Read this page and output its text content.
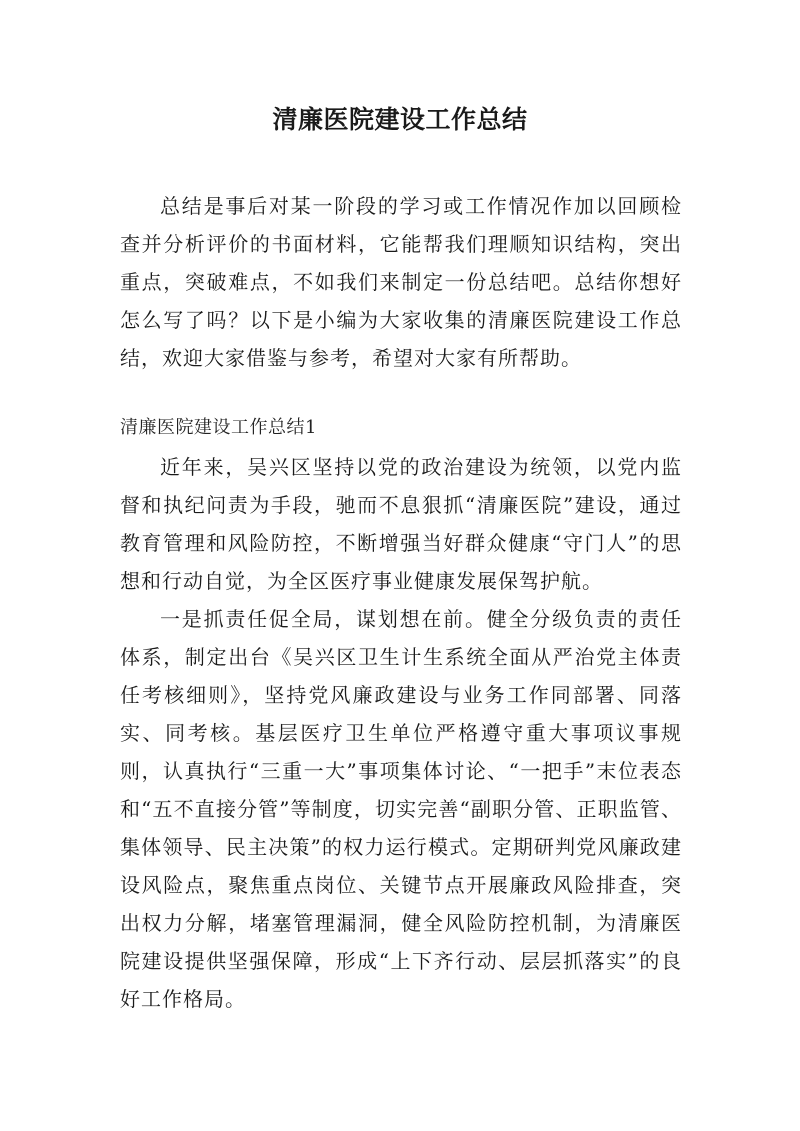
清廉医院建设工作总结

总结是事后对某一阶段的学习或工作情况作加以回顾检查并分析评价的书面材料，它能帮我们理顺知识结构，突出重点，突破难点，不如我们来制定一份总结吧。总结你想好怎么写了吗？以下是小编为大家收集的清廉医院建设工作总结，欢迎大家借鉴与参考，希望对大家有所帮助。

清廉医院建设工作总结1

近年来，吴兴区坚持以党的政治建设为统领，以党内监督和执纪问责为手段，驰而不息狠抓“清廉医院”建设，通过教育管理和风险防控，不断增强当好群众健康“守门人”的思想和行动自觉，为全区医疗事业健康发展保驾护航。

一是抓责任促全局，谋划想在前。健全分级负责的责任体系，制定出台《吴兴区卫生计生系统全面从严治党主体责任考核细则》，坚持党风廉政建设与业务工作同部署、同落实、同考核。基层医疗卫生单位严格遵守重大事项议事规则，认真执行“三重一大”事项集体讨论、“一把手”末位表态和“五不直接分管”等制度，切实完善“副职分管、正职监管、集体领导、民主决策”的权力运行模式。定期研判党风廉政建设风险点，聚焦重点岗位、关键节点开展廉政风险排查，突出权力分解，堵塞管理漏洞，健全风险防控机制，为清廉医院建设提供坚强保障，形成“上下齐行动、层层抓落实”的良好工作格局。
